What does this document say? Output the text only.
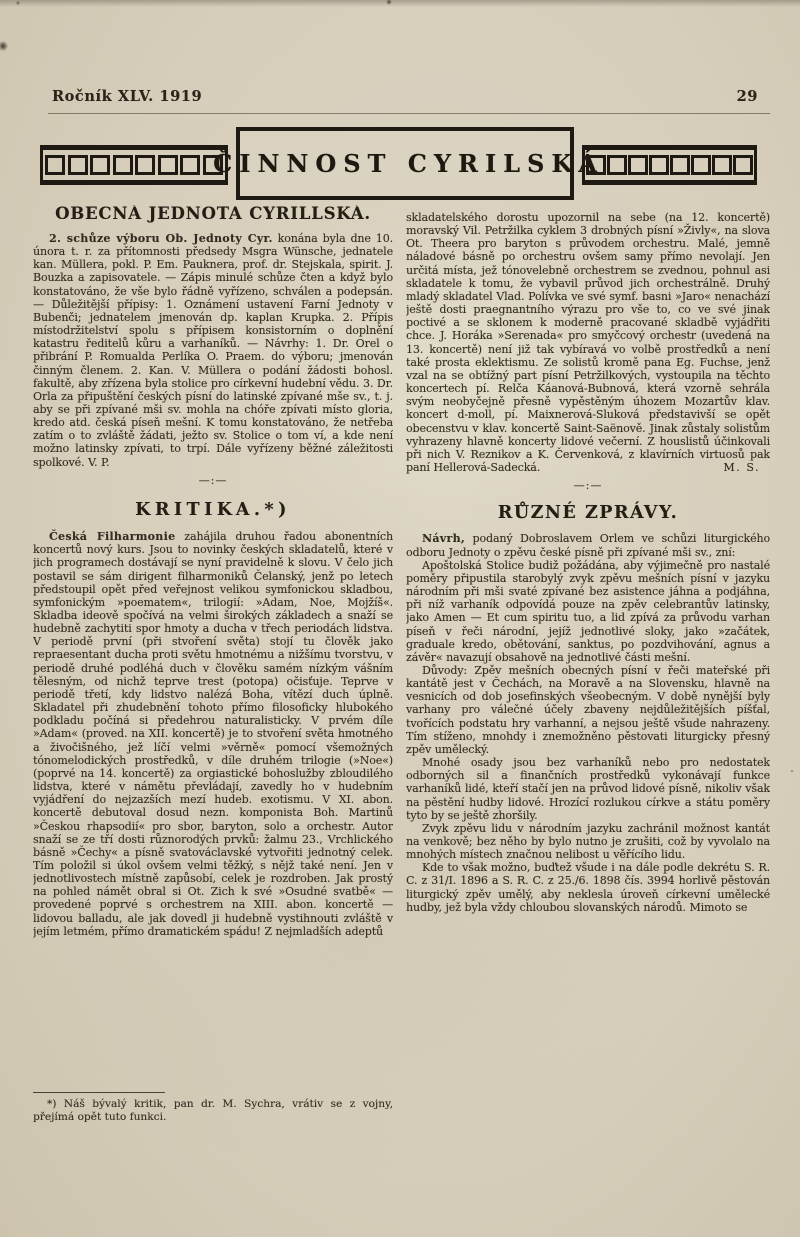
Ročník XLV. 1919	29
ČINNOST CYRILSKÁ
OBECNÁ JEDNOTA CYRILLSKÁ.

2. schůze výboru Ob. Jednoty Cyr. konána byla dne 10. února t. r. za přítomnosti předsedy Msgra Wünsche, jednatele kan. Müllera, pokl. P. Em. Pauknera, prof. dr. Stejskala, spirit. J. Bouzka a zapisovatele. — Zápis minulé schůze čten a když bylo konstatováno, že vše bylo řádně vyřízeno, schválen a podepsán. — Důležitější přípisy: 1. Oznámení ustavení Farní Jednoty v Bubenči; jednatelem jmenován dp. kaplan Krupka. 2. Přípis místodržitelství spolu s přípisem konsistorním o doplnění katastru ředitelů kůru a varhaníků. — Návrhy: 1. Dr. Orel o přibrání P. Romualda Perlíka O. Praem. do výboru; jmenován činným členem. 2. Kan. V. Müllera o podání žádosti bohosl. fakultě, aby zřízena byla stolice pro církevní hudební vědu. 3. Dr. Orla za připuštění českých písní do latinské zpívané mše sv., t. j. aby se při zpívané mši sv. mohla na chóře zpívati místo gloria, kredo atd. česká píseň mešní. K tomu konstatováno, že netřeba zatím o to zvláště žádati, ježto sv. Stolice o tom ví, a kde není možno latinsky zpívati, to trpí. Dále vyřízeny běžné záležitosti spolkové. V. P.

—:—
KRITIKA.*)

Česká Filharmonie zahájila druhou řadou abonentních koncertů nový kurs. Jsou to novinky českých skladatelů, které v jich programech dostávají se nyní pravidelně k slovu. V čelo jich postavil se sám dirigent filharmoniků Čelanský, jenž po letech předstoupil opět před veřejnost velikou symfonickou skladbou, symfonickým »poematem«, trilogií: »Adam, Noe, Mojžíš«. Skladba ideově spočívá na velmi širokých základech a snaží se hudebně zachytiti spor hmoty a ducha v třech periodách lidstva. V periodě první (při stvoření světa) stojí tu člověk jako repraesentant ducha proti světu hmotnému a nižšímu tvorstvu, v periodě druhé podléhá duch v člověku samém nízkým vášním tělesným, od nichž teprve trest (potopa) očisťuje. Teprve v periodě třetí, kdy lidstvo nalézá Boha, vítězí duch úplně. Skladatel při zhudebnění tohoto přímo filosoficky hlubokého podkladu počíná si předehrou naturalisticky. V prvém díle »Adam« (proved. na XII. koncertě) je to stvoření světa hmotného a živočišného, jež líčí velmi »věrně« pomocí všemožných tónomelodických prostředků, v díle druhém trilogie (»Noe«) (poprvé na 14. koncertě) za orgiastické bohoslužby zbloudilého lidstva, které v námětu převládají, zavedly ho v hudebním vyjádření do nejzazších mezí hudeb. exotismu. V XI. abon. koncertě debutoval dosud nezn. komponista Boh. Martinů »Českou rhapsodií« pro sbor, baryton, solo a orchestr. Autor snaží se ze tří dosti různorodých prvků: žalmu 23., Vrchlického básně »Čechy« a písně svatováclavské vytvořiti jednotný celek. Tím položil si úkol ovšem velmi těžký, s nějž také není. Jen v jednotlivostech místně zapůsobí, celek je rozdroben. Jak prostý na pohled námět obral si Ot. Zich k své »Osudné svatbě« — provedené poprvé s orchestrem na XIII. abon. koncertě — lidovou balladu, ale jak dovedl ji hudebně vystihnouti zvláště v jejím letmém, přímo dramatickém spádu! Z nejmladších adeptů

*) Náš bývalý kritik, pan dr. M. Sychra, vrátiv se z vojny, přejímá opět tuto funkci.

skladatelského dorostu upozornil na sebe (na 12. koncertě) moravský Vil. Petržilka cyklem 3 drobných písní »Živly«, na slova Ot. Theera pro baryton s průvodem orchestru. Malé, jemně náladové básně po orchestru ovšem samy přímo nevolají. Jen určitá místa, jež tónovelebně orchestrem se zvednou, pohnul asi skladatele k tomu, že vybavil průvod jich orchestrálně. Druhý mladý skladatel Vlad. Polívka ve své symf. basni »Jaro« nenachází ještě dosti praegnantního výrazu pro vše to, co ve své jinak poctivé a se sklonem k moderně pracované skladbě vyjádřiti chce. J. Horáka »Serenada« pro smyčcový orchestr (uvedená na 13. koncertě) není již tak vybíravá vo volbě prostředků a není také prosta eklektismu. Ze solistů kromě pana Eg. Fuchse, jenž vzal na se obtížný part písní Petržilkových, vystoupila na těchto koncertech pí. Relča Káanová-Bubnová, která vzorně sehrála svým neobyčejně přesně vypěstěným úhozem Mozartův klav. koncert d-moll, pí. Maixnerová-Sluková představivší se opět obecenstvu v klav. koncertě Saint-Saënově. Jinak zůstaly solistům vyhrazeny hlavně koncerty lidové večerní. Z houslistů účinkovali při nich V. Reznikov a K. Červenková, z klavírních virtuosů pak paní Hellerová-Sadecká.	M. S.
—:—
RŮZNÉ ZPRÁVY.

Návrh, podaný Dobroslavem Orlem ve schůzi liturgického odboru Jednoty o zpěvu české písně při zpívané mši sv., zní:

Apoštolská Stolice budiž požádána, aby výjimečně pro nastalé poměry připustila starobylý zvyk zpěvu mešních písní v jazyku národním při mši svaté zpívané bez asistence jáhna a podjáhna, při níž varhaník odpovídá pouze na zpěv celebrantův latinsky, jako Amen — Et cum spiritu tuo, a lid zpívá za průvodu varhan píseň v řeči národní, jejíž jednotlivé sloky, jako »začátek, graduale kredo, obětování, sanktus, po pozdvihování, agnus a závěr« navazují obsahově na jednotlivé části mešní.

Důvody: Zpěv mešních obecných písní v řeči mateřské při kantátě jest v Čechách, na Moravě a na Slovensku, hlavně na vesnicích od dob josefinských všeobecným. V době nynější byly varhany pro válečné účely zbaveny nejdůležitějších píšťal, tvořících podstatu hry varhanní, a nejsou ještě všude nahrazeny. Tím stíženo, mnohdy i znemožněno pěstovati liturgicky přesný zpěv umělecký.

Mnohé osady jsou bez varhaníků nebo pro nedostatek odborných sil a finančních prostředků vykonávají funkce varhaníků lidé, kteří stačí jen na průvod lidové písně, nikoliv však na pěstění hudby lidové. Hrozící rozlukou církve a státu poměry tyto by se ještě zhoršily.

Zvyk zpěvu lidu v národním jazyku zachránil možnost kantát na venkově; bez něho by bylo nutno je zrušiti, což by vyvolalo na mnohých místech značnou nelibost u věřícího lidu.

Kde to však možno, buďtež všude i na dále podle dekrétu S. R. C. z 31/I. 1896 a S. R. C. z 25./6. 1898 čís. 3994 horlivě pěstován liturgický zpěv umělý, aby neklesla úroveň církevní umělecké hudby, jež byla vždy chloubou slovanských národů. Mimoto se
